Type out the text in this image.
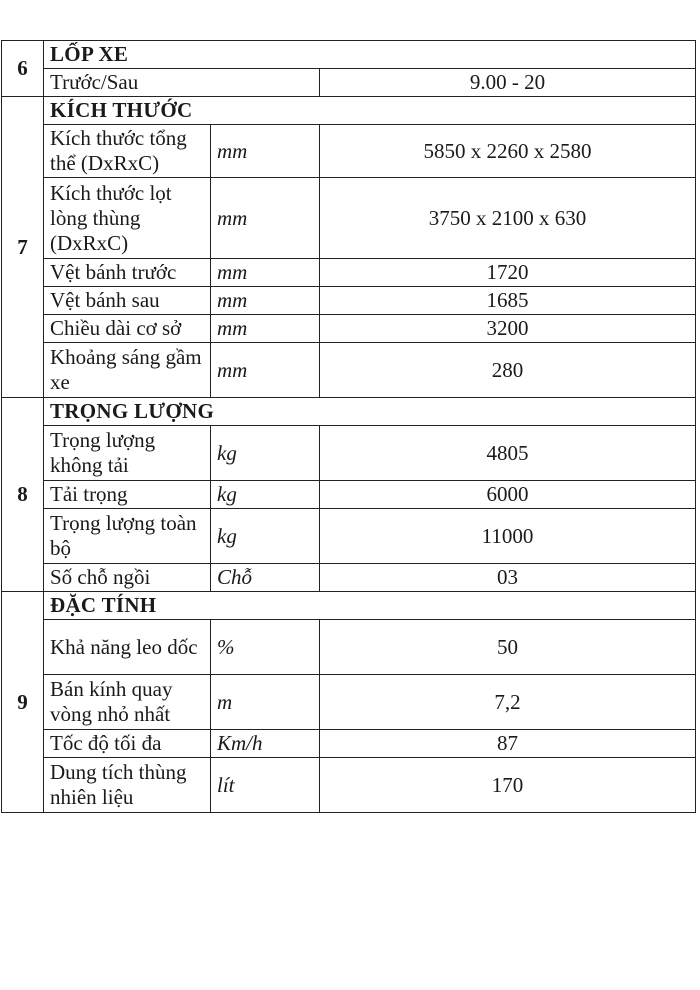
6	LỐP XE		
	Trước/Sau		9.00 - 20
7	KÍCH THƯỚC		
	Kích thước tổng thể (DxRxC)	mm	5850 x 2260 x 2580
	Kích thước lọt lòng thùng (DxRxC)	mm	3750 x 2100 x 630
	Vệt bánh trước	mm	1720
	Vệt bánh sau	mm	1685
	Chiều dài cơ sở	mm	3200
	Khoảng sáng gầm xe	mm	280
8	TRỌNG LƯỢNG		
	Trọng lượng không tải	kg	4805
	Tải trọng	kg	6000
	Trọng lượng toàn bộ	kg	11000
	Số chỗ ngồi	Chỗ	03
9	ĐẶC TÍNH		
	Khả năng leo dốc	%	50
	Bán kính quay vòng nhỏ nhất	m	7,2
	Tốc độ tối đa	Km/h	87
	Dung tích thùng nhiên liệu	lít	170
